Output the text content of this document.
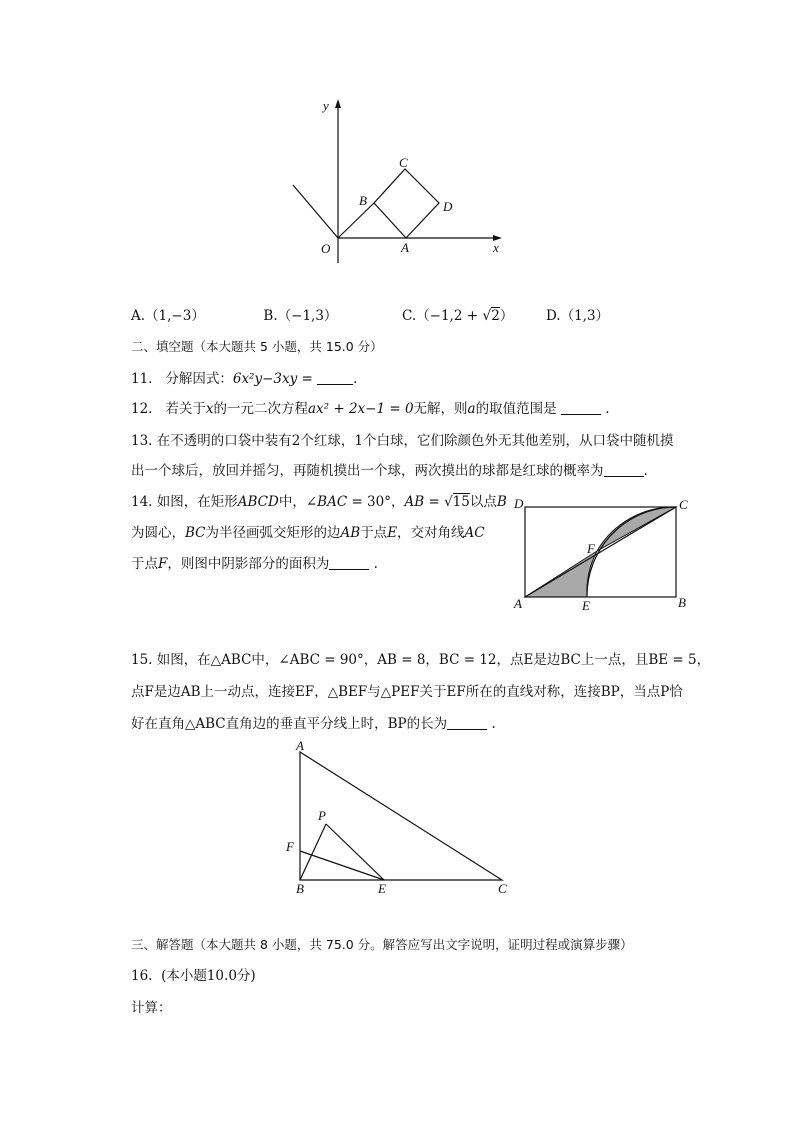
y
x
O	A
B
C
D
A.（1,−3）	B.（−1,3）	C.（−1,2 + √2） D.（1,3）
二、填空题（本大题共 5 小题，共 15.0 分）
11. 分解因式：6x²y−3xy =	.
12. 若关于x的一元二次方程ax² + 2x−1 = 0无解，则a的取值范围是	.
13. 在不透明的口袋中装有2个红球，1个白球，它们除颜色外无其他差别，从口袋中随机摸
出一个球后，放回并摇匀，再随机摸出一个球，两次摸出的球都是红球的概率为	.
14. 如图，在矩形ABCD中，∠BAC = 30°，AB = √15以点B
为圆心，BC为半径画弧交矩形的边AB于点E，交对角线AC
于点F，则图中阴影部分的面积为	.
D	C
A	E	B
F
15. 如图，在△ABC中，∠ABC = 90°，AB = 8，BC = 12，点E是边BC上一点，且BE = 5，
点F是边AB上一动点，连接EF，△BEF与△PEF关于EF所在的直线对称，连接BP，当点P恰
好在直角△ABC直角边的垂直平分线上时，BP的长为	.
A
F
P
B	E	C
三、解答题（本大题共 8 小题，共 75.0 分。解答应写出文字说明，证明过程或演算步骤）
16. (本小题10.0分)
计算：
